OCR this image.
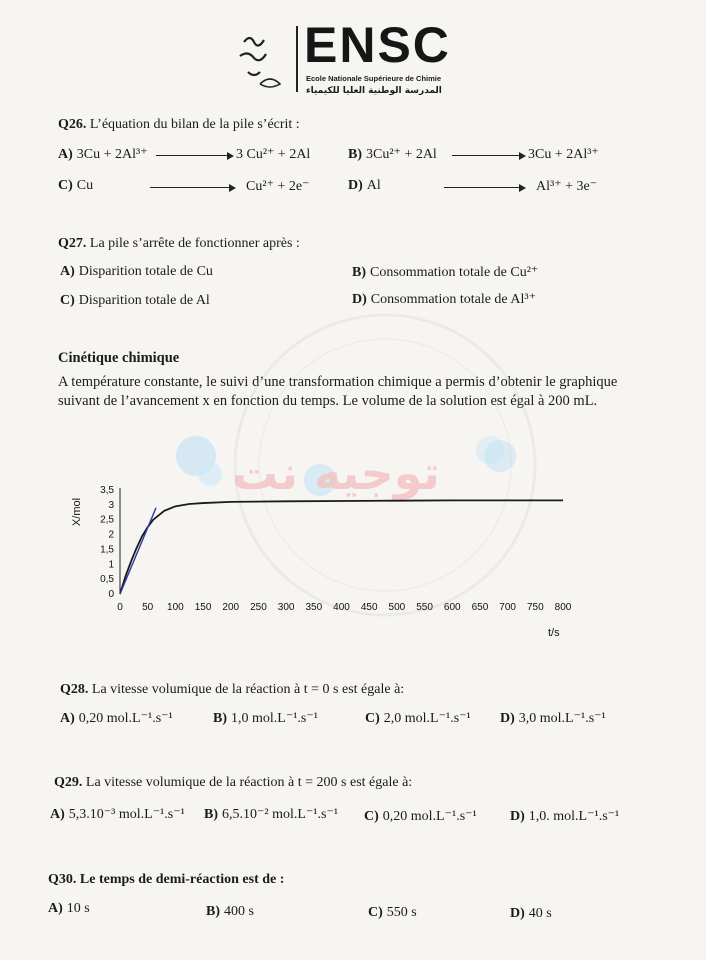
ENSC
Ecole Nationale Supérieure de Chimie
المدرسة الوطنية العليا للكيمياء
Q26. L’équation du bilan de la pile s’écrit :
A) 3Cu + 2Al³⁺	3 Cu²⁺ + 2Al	B) 3Cu²⁺ + 2Al	3Cu + 2Al³⁺
C) Cu	Cu²⁺ + 2e⁻	D) Al	Al³⁺ + 3e⁻
Q27. La pile s’arrête de fonctionner après :
A) Disparition totale de Cu	B) Consommation totale de Cu²⁺
C) Disparition totale de Al	D) Consommation totale de Al³⁺
Cinétique chimique
A température constante, le suivi d’une transformation chimique a permis d’obtenir le graphique suivant de l’avancement x en fonction du temps. Le volume de la solution est égal à 200 mL.
توجيه نت
0 50 100 150 200 250 300 350 400 450 500 550 600 650 700 750 800
0
0,5
1
1,5
2
2,5
3
3,5
X/mol
t/s
Q28. La vitesse volumique de la réaction à t = 0 s est égale à:
A) 0,20 mol.L⁻¹.s⁻¹	B) 1,0 mol.L⁻¹.s⁻¹	C) 2,0 mol.L⁻¹.s⁻¹ D) 3,0 mol.L⁻¹.s⁻¹
Q29. La vitesse volumique de la réaction à t = 200 s est égale à:
A) 5,3.10⁻³ mol.L⁻¹.s⁻¹ B) 6,5.10⁻² mol.L⁻¹.s⁻¹ C) 0,20 mol.L⁻¹.s⁻¹ D) 1,0. mol.L⁻¹.s⁻¹
Q30. Le temps de demi-réaction est de :
A) 10 s	B) 400 s	C) 550 s	D) 40 s
